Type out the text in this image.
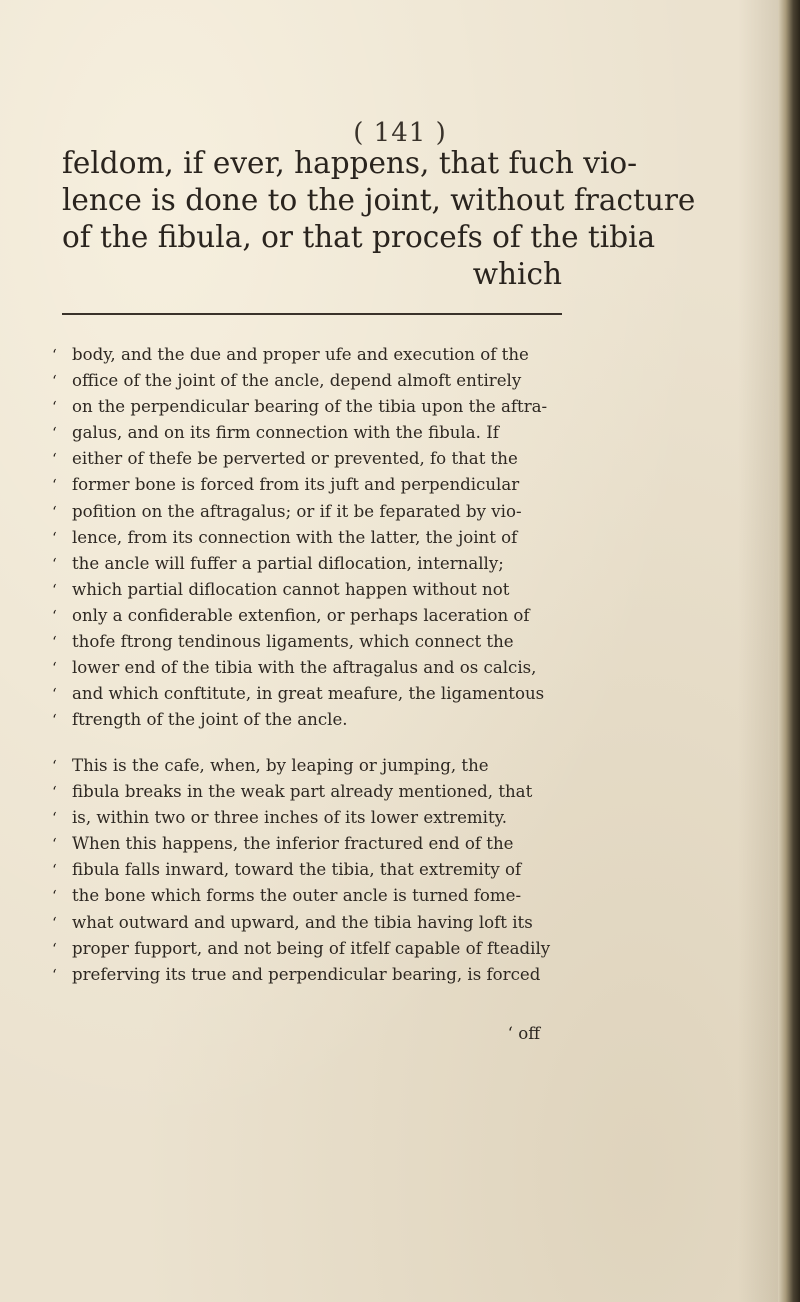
( 141 )
feldom, if ever, happens, that fuch vio-
lence is done to the joint, without fracture
of the fibula, or that procefs of the tibia
which
‘ body, and the due and proper ufe and execution of the
‘ office of the joint of the ancle, depend almoft entirely
‘ on the perpendicular bearing of the tibia upon the aftra-
‘ galus, and on its firm connection with the fibula. If
‘ either of thefe be perverted or prevented, fo that the
‘ former bone is forced from its juft and perpendicular
‘ pofition on the aftragalus; or if it be feparated by vio-
‘ lence, from its connection with the latter, the joint of
‘ the ancle will fuffer a partial diflocation, internally;
‘ which partial diflocation cannot happen without not
‘ only a confiderable extenfion, or perhaps laceration of
‘ thofe ftrong tendinous ligaments, which connect the
‘ lower end of the tibia with the aftragalus and os calcis,
‘ and which conftitute, in great meafure, the ligamentous
‘ ftrength of the joint of the ancle.
‘ This is the cafe, when, by leaping or jumping, the
‘ fibula breaks in the weak part already mentioned, that
‘ is, within two or three inches of its lower extremity.
‘ When this happens, the inferior fractured end of the
‘ fibula falls inward, toward the tibia, that extremity of
‘ the bone which forms the outer ancle is turned fome-
‘ what outward and upward, and the tibia having loft its
‘ proper fupport, and not being of itfelf capable of fteadily
‘ preferving its true and perpendicular bearing, is forced
‘ off
